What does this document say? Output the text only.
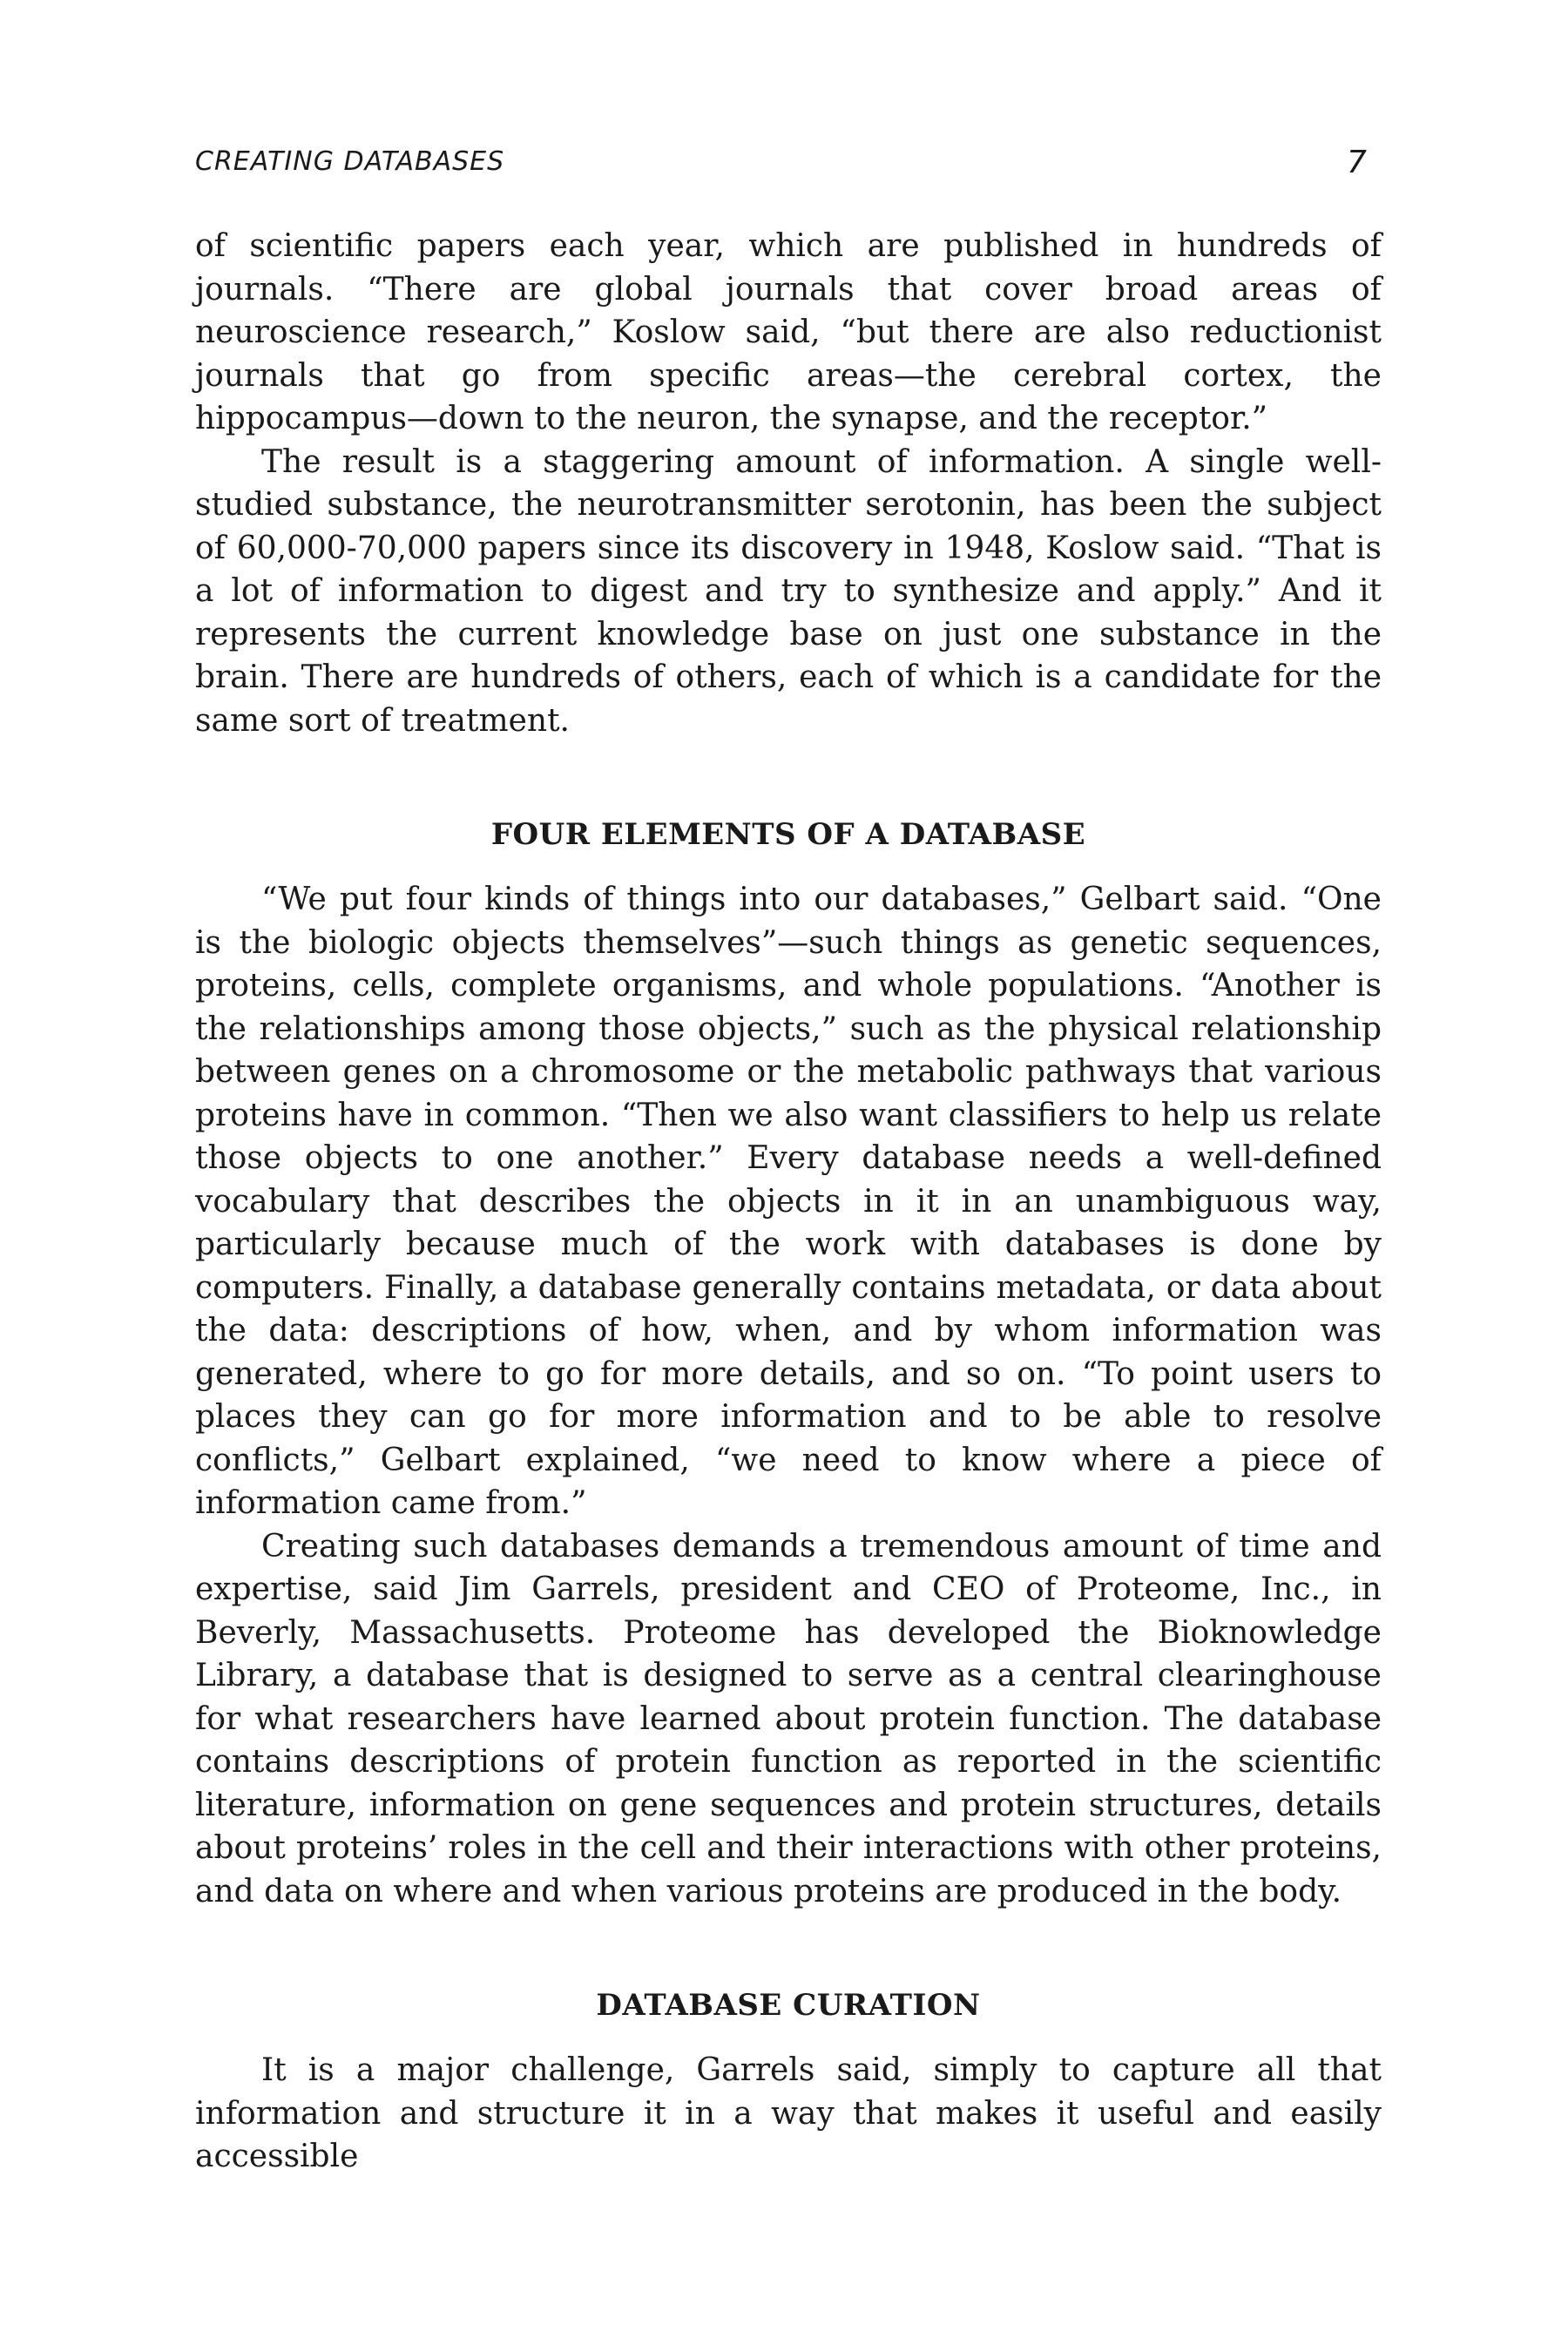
CREATING DATABASES	7

of scientific papers each year, which are published in hundreds of journals. “There are global journals that cover broad areas of neuroscience research,” Koslow said, “but there are also reductionist journals that go from specific areas—the cerebral cortex, the hippocampus—down to the neuron, the synapse, and the receptor.”

The result is a staggering amount of information. A single well-studied substance, the neurotransmitter serotonin, has been the subject of 60,000-70,000 papers since its discovery in 1948, Koslow said. “That is a lot of information to digest and try to synthesize and apply.” And it represents the current knowledge base on just one substance in the brain. There are hundreds of others, each of which is a candidate for the same sort of treatment.

FOUR ELEMENTS OF A DATABASE

“We put four kinds of things into our databases,” Gelbart said. “One is the biologic objects themselves”—such things as genetic sequences, proteins, cells, complete organisms, and whole populations. “Another is the relationships among those objects,” such as the physical relationship between genes on a chromosome or the metabolic pathways that various proteins have in common. “Then we also want classifiers to help us relate those objects to one another.” Every database needs a well-defined vocabulary that describes the objects in it in an unambiguous way, particularly because much of the work with databases is done by computers. Finally, a database generally contains metadata, or data about the data: descriptions of how, when, and by whom information was generated, where to go for more details, and so on. “To point users to places they can go for more information and to be able to resolve conflicts,” Gelbart explained, “we need to know where a piece of information came from.”

Creating such databases demands a tremendous amount of time and expertise, said Jim Garrels, president and CEO of Proteome, Inc., in Beverly, Massachusetts. Proteome has developed the Bioknowledge Library, a database that is designed to serve as a central clearinghouse for what researchers have learned about protein function. The database contains descriptions of protein function as reported in the scientific literature, information on gene sequences and protein structures, details about proteins’ roles in the cell and their interactions with other proteins, and data on where and when various proteins are produced in the body.

DATABASE CURATION

It is a major challenge, Garrels said, simply to capture all that information and structure it in a way that makes it useful and easily accessible
